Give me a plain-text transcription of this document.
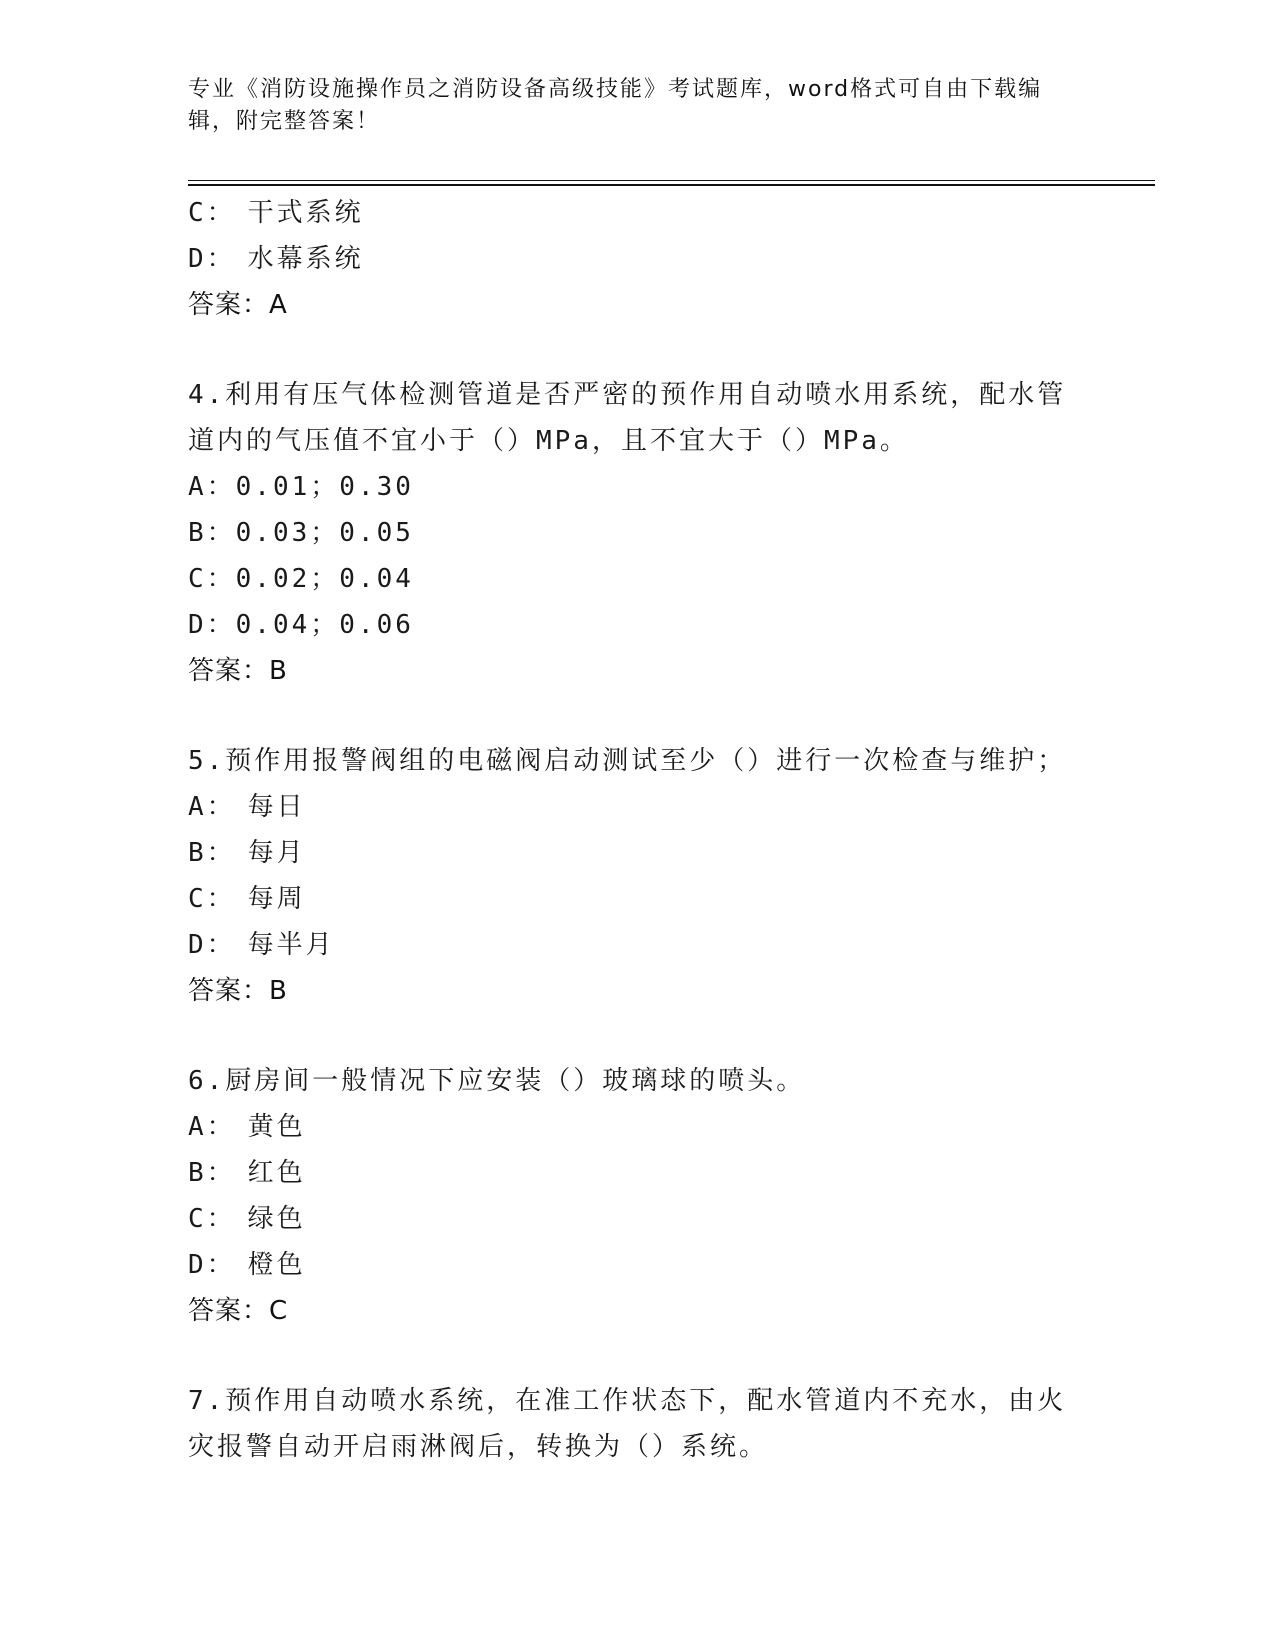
专业《消防设施操作员之消防设备高级技能》考试题库，word格式可自由下载编
辑，附完整答案！
C： 干式系统
D： 水幕系统
答案：A
4.利用有压气体检测管道是否严密的预作用自动喷水用系统，配水管
道内的气压值不宜小于（）MPa，且不宜大于（）MPa。
A：0.01；0.30
B：0.03；0.05
C：0.02；0.04
D：0.04；0.06
答案：B
5.预作用报警阀组的电磁阀启动测试至少（）进行一次检查与维护；
A： 每日
B： 每月
C： 每周
D： 每半月
答案：B
6.厨房间一般情况下应安装（）玻璃球的喷头。
A： 黄色
B： 红色
C： 绿色
D： 橙色
答案：C
7.预作用自动喷水系统，在准工作状态下，配水管道内不充水，由火
灾报警自动开启雨淋阀后，转换为（）系统。
